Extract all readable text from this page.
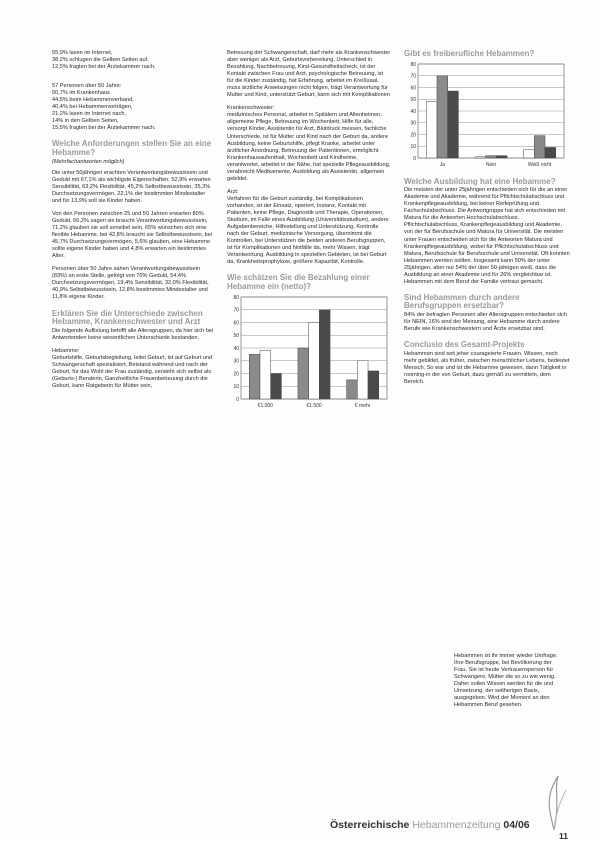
55,9% lasen im Internet,
38,2% schlugen die Gelben Seiten auf.
12,5% fragten bei der Ärztekammer nach.
57 Personen über 50 Jahre:
50,7% im Krankenhaus
44,5% beim Hebammenverband,
40,4% bei Hebammenvorträgen,
21,2% lasen im Internet nach,
14% in den Gelben Seiten,
15,5% fragten bei der Ärztekammer nach.
Welche Anforderungen stellen Sie an eine Hebamme?
(Mehrfachantworten möglich)

Die unter 50jährigen erachten Verantwortungsbewusstsein und Geduld mit 67,1% als wichtigste Eigenschaften. 52,9% erwarten Sensibilität, 63,2% Flexibilität, 45,2% Selbstbewusstsein, 35,3% Durchsetzungsvermögen. 22,1% der bestimmten Mindestalter und für 13,9% soll sie Kinder haben.

Von den Personen zwischen 25 und 50 Jahren erwarten 80% Geduld, 66,2% sagen sie braucht Verantwortungsbewusstsein, 71,2% glauben sie soll sensibel sein, 65% wünschen sich eine flexible Hebamme, bei 42,8% braucht sie Selbstbewusstsein, bei 45,7% Durchsetzungsvermögen, 5,6% glauben, eine Hebamme sollte eigene Kinder haben und 4,8% erwarten ein bestimmtes Alter.

Personen über 50 Jahre sahen Verantwortungsbewusstsein (83%) an erste Stelle, gefolgt von 70% Geduld, 54,4% Durchsetzungsvermögen, 19,4% Sensibilität, 32,0% Flexibilität, 40,9% Selbstbewusstsein, 12,8% bestimmtes Mindestalter und 11,8% eigene Kinder.

Erklären Sie die Unterschiede zwischen Hebamme, Krankenschwester und Arzt

Die folgende Auflistung betrifft alle Altersgruppen, da hier sich bei Antwortenden keine wesentlichen Unterschiede bestanden.

Hebamme:

Geburtshilfe, Geburtsbegleitung, leitet Geburt, ist auf Geburt und Schwangerschaft spezialisiert, Beistand während und nach der Geburt, für das Wohl der Frau zuständig, versteht sich selbst als (Geburts-) Beraterin, Ganzheitliche Frauenbetreuung durch die Geburt, kann Ratgeberin für Mütter sein,

Betreuung der Schwangerschaft, darf mehr als Krankenschwester aber weniger als Arzt, Geburtsvorbereitung, Unterschied in Bezahlung, Nachbetreuung, Kind-Gesundheitscheck, ist der Kontakt zwischen Frau und Arzt, psychologische Betreuung, ist für die Kinder zuständig, hat Erfahrung, arbeitet im Kreißsaal, muss ärztliche Anweisungen nicht folgen, trägt Verantwortung für Mutter und Kind, unterstützt Geburt, kann sich mit Komplikationen

Krankenschwester:

medizinisches Personal, arbeitet in Spitälern und Altenheimen, allgemeine Pflege, Betreuung im Wochenbett, Hilfe für alle, versorgt Kinder, Assistentin für Arzt, Blutdruck messen, fachliche Unterschiede, ist für Mutter und Kind nach der Geburt da, andere Ausbildung, keine Geburtshilfe, pflegt Kranke, arbeitet unter ärztlicher Anordnung, Betreuung der Patientinnen, ermöglicht Krankenhausaufenthalt, Wochenbett und Kindheime, verantwortet, arbeitet in der Nähe, hat spezielle Pflegeausbildung, verabreicht Medikamente, Ausbildung als Assistentin, allgemein gebildet.

Arzt:

Verfahren für die Geburt zuständig, bei Komplikationen vorhanden, ist der Einsatz, operiert, Instanz, Kontakt mit Patienten, keine Pflege, Diagnostik und Therapie, Operationen, Studium, im Falle eines Ausbildung (Universitätsstudium), andere Aufgabenbereiche, Hilfestellung und Unterstützung, Kontrolle nach der Geburt, medizinische Versorgung, übernimmt die Kontrollen, bei Unterstützen die beiden anderen Berufsgruppen, ist für Komplikationen und Notfälle da, mehr Wissen, trägt Verantwortung, Ausbildung in speziellen Gebieten, ist bei Geburt da, Krankheitsprophylaxe, größere Kapazität, Kontrolle.

Wie schätzen Sie die Bezahlung einer Hebamme ein (netto)?
0
10
20
30
40
50
60
70
80
€1.000	€1.500	€ mehr
Gibt es freiberufliche Hebammen?
0
10
20
30
40
50
60
70
80
Ja	Nein	Weiß nicht
Welche Ausbildung hat eine Hebamme?

Die meisten der unter 25jährigen entschieden sich für die an einer Akademie und Akademie, während für Pflichtschulabschluss und Krankenpflegeausbildung, bei keiner Reifeprüfung und Fachschulabschluss. Die Antwortgruppe hat sich entschieden mit Matura für die Antworten Hochschulabschluss. Pflichtschulabschluss, Krankenpflegeausbildung und Akademie, von der für Berufsschule und Matura für Universität. Die meisten unter Frauen entscheiden sich für die Antworten Matura und Krankenpflegeausbildung, wobei für Pflichtschulabschluss und Matura, Berufsschule für Berufsschule und Universität. Oft konnten Hebammen werden sollten. Insgesamt kann 50% der unter 25jährigen, aber nur 54% der über 50-jährigen weiß, dass die Ausbildung an einer Akademie und für 26% vergleichbar ist. Hebammen mit dem Beruf der Familie vertraut gemacht.

Sind Hebammen durch andere Berufsgruppen ersetzbar?

84% der befragten Personen aller Altersgruppen entschieden sich für NEIN, 16% sind der Meinung, eine Hebamme durch andere Berufe wie Krankenschwestern und Ärzte ersetzbar sind.

Conclusio des Gesamt-Projekts

Hebammen sind seit jeher courageierte Frauen. Wissen, noch mehr gebildet, als früher, zwischen menschlicher Lebens, bedeutet Mensch. So war und ist die Hebamme gewesen, dann Tätigkeit in rooming-in der von Geburt, dazu gemäß zu vermitteln, dem Bereich.

Hebammen ist ihr immer wieder Umfrage. Ihre Berufsgruppe, bei Bevölkerung der Frau. Sie ist heute Vertrauensperson für Schwangere, Mütter die so zu wie wenig. Daher sollen Wissen werden für die und Umsetzung, der seitherigen Basis, ausgegeben. Wird der Moment an den Hebammen Beruf gesehen.

Österreichische Hebammenzeitung 04/06
11
